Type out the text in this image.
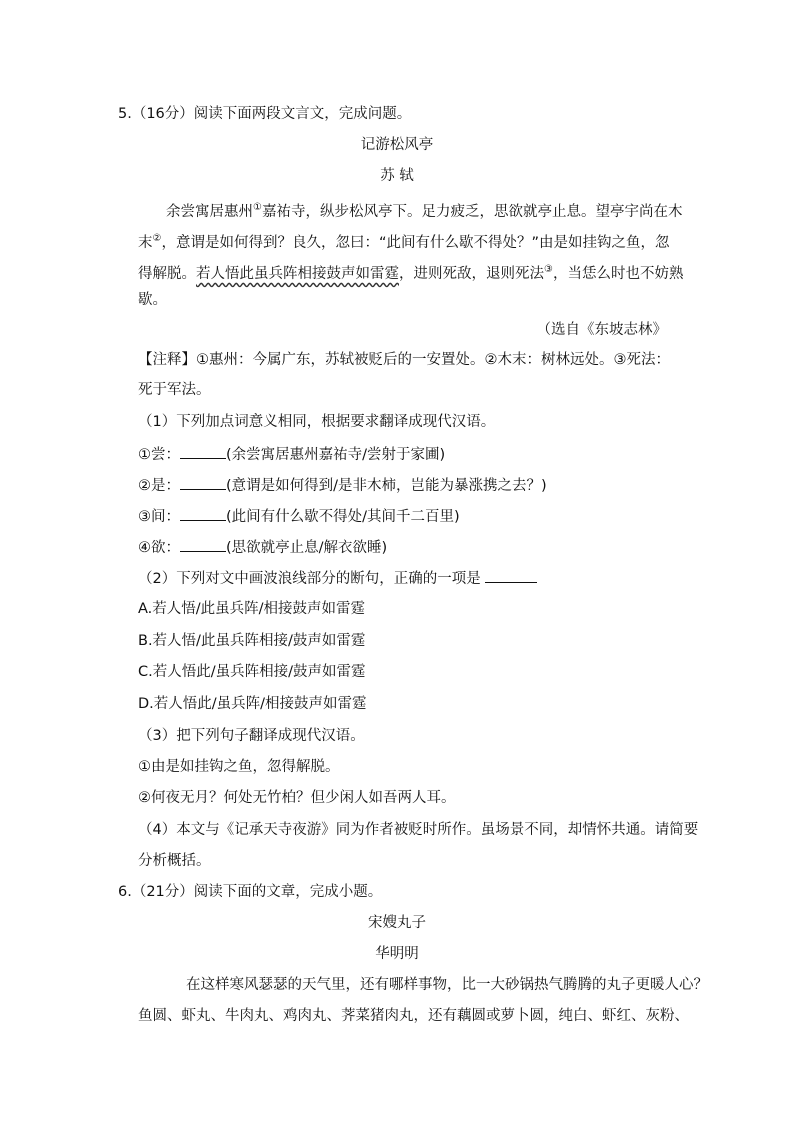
5.（16分）阅读下面两段文言文，完成问题。
记游松风亭
苏 轼
余尝寓居惠州①嘉祐寺，纵步松风亭下。足力疲乏，思欲就亭止息。望亭宇尚在木
末②，意谓是如何得到？良久，忽曰：“此间有什么歇不得处？”由是如挂钩之鱼，忽
得解脱。若人悟此虽兵阵相接鼓声如雷霆，进则死敌，退则死法③，当恁么时也不妨熟
歇。
（选自《东坡志林》
【注释】①惠州：今属广东，苏轼被贬后的一安置处。②木末：树林远处。③死法：
死于军法。
（1）下列加点词意义相同，根据要求翻译成现代汉语。
①尝：	(余尝寓居惠州嘉祐寺/尝射于家圃)
②是：	(意谓是如何得到/是非木柿，岂能为暴涨携之去？)
③间：	(此间有什么歇不得处/其间千二百里)
④欲：	(思欲就亭止息/解衣欲睡)
（2）下列对文中画波浪线部分的断句，正确的一项是
A.若人悟/此虽兵阵/相接鼓声如雷霆
B.若人悟/此虽兵阵相接/鼓声如雷霆
C.若人悟此/虽兵阵相接/鼓声如雷霆
D.若人悟此/虽兵阵/相接鼓声如雷霆
（3）把下列句子翻译成现代汉语。
①由是如挂钩之鱼，忽得解脱。
②何夜无月？何处无竹柏？但少闲人如吾两人耳。
（4）本文与《记承天寺夜游》同为作者被贬时所作。虽场景不同，却情怀共通。请简要
分析概括。
6.（21分）阅读下面的文章，完成小题。
宋嫂丸子
华明明
在这样寒风瑟瑟的天气里，还有哪样事物，比一大砂锅热气腾腾的丸子更暖人心？
鱼圆、虾丸、牛肉丸、鸡肉丸、荠菜猪肉丸，还有藕圆或萝卜圆，纯白、虾红、灰粉、
